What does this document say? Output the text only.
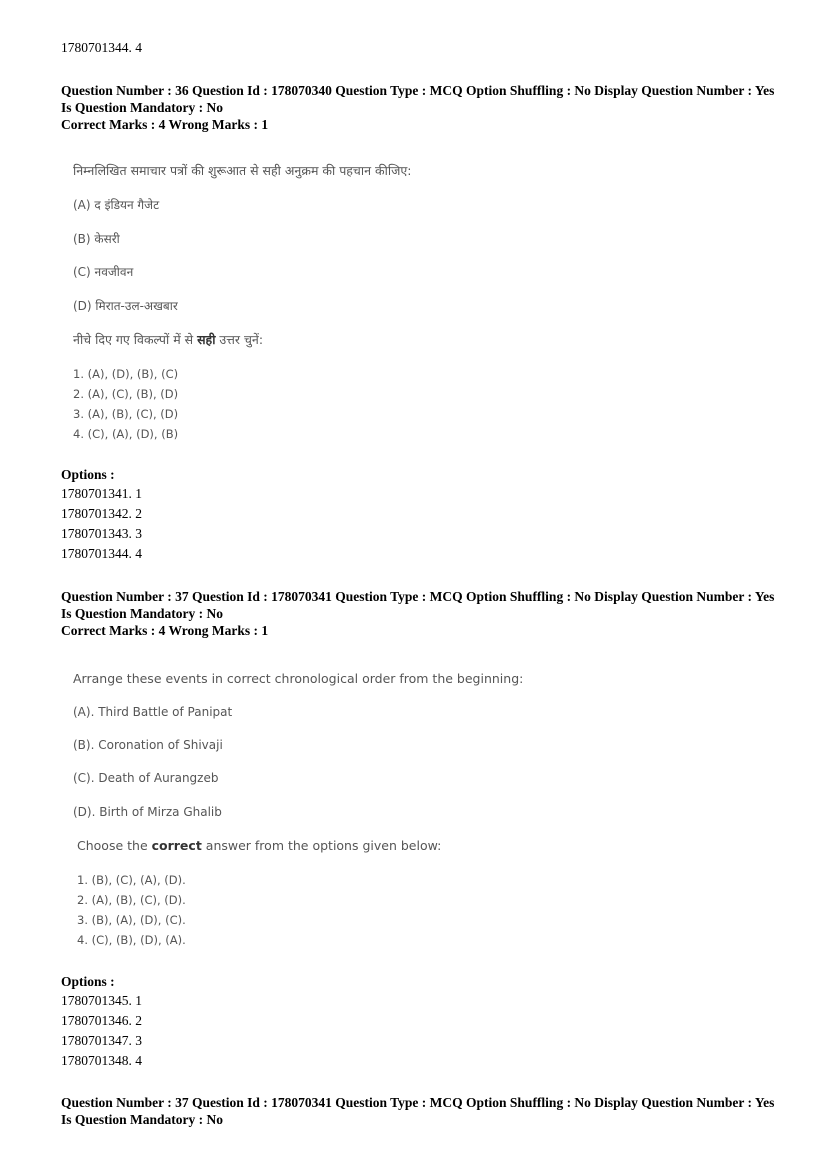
1780701344. 4
Question Number : 36 Question Id : 178070340 Question Type : MCQ Option Shuffling : No Display Question Number : Yes
Is Question Mandatory : No
Correct Marks : 4 Wrong Marks : 1
निम्नलिखित समाचार पत्रों की शुरूआत से सही अनुक्रम की पहचान कीजिए:
(A) द इंडियन गैजेट
(B) केसरी
(C) नवजीवन
(D) मिरात-उल-अखबार
नीचे दिए गए विकल्पों में से सही उत्तर चुनें:
1. (A), (D), (B), (C)
2. (A), (C), (B), (D)
3. (A), (B), (C), (D)
4. (C), (A), (D), (B)
Options :
1780701341. 1
1780701342. 2
1780701343. 3
1780701344. 4
Question Number : 37 Question Id : 178070341 Question Type : MCQ Option Shuffling : No Display Question Number : Yes
Is Question Mandatory : No
Correct Marks : 4 Wrong Marks : 1
Arrange these events in correct chronological order from the beginning:
(A). Third Battle of Panipat
(B). Coronation of Shivaji
(C). Death of Aurangzeb
(D). Birth of Mirza Ghalib
Choose the correct answer from the options given below:
1. (B), (C), (A), (D).
2. (A), (B), (C), (D).
3. (B), (A), (D), (C).
4. (C), (B), (D), (A).
Options :
1780701345. 1
1780701346. 2
1780701347. 3
1780701348. 4
Question Number : 37 Question Id : 178070341 Question Type : MCQ Option Shuffling : No Display Question Number : Yes
Is Question Mandatory : No
